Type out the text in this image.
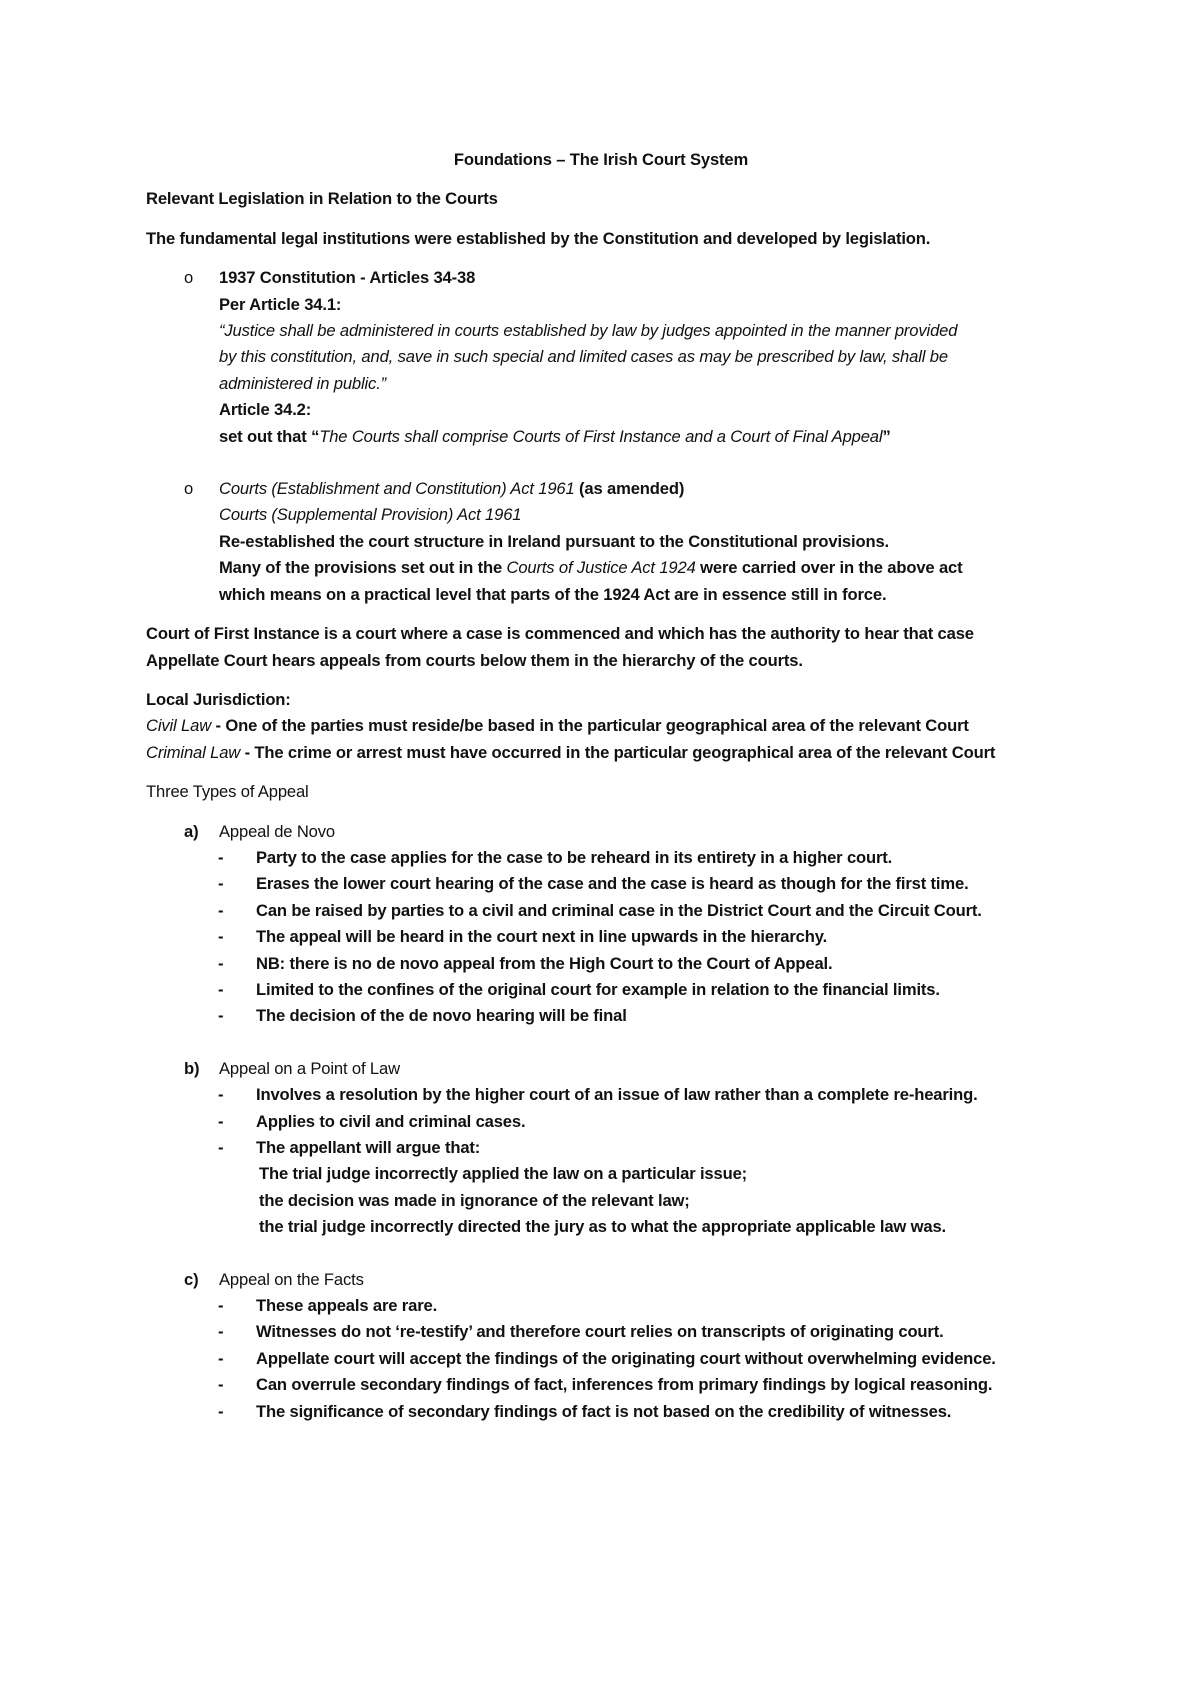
Foundations – The Irish Court System

Relevant Legislation in Relation to the Courts

The fundamental legal institutions were established by the Constitution and developed by legislation.

o 1937 Constitution - Articles 34-38

Per Article 34.1:

“Justice shall be administered in courts established by law by judges appointed in the manner provided

by this constitution, and, save in such special and limited cases as may be prescribed by law, shall be

administered in public.”

Article 34.2:

set out that “The Courts shall comprise Courts of First Instance and a Court of Final Appeal”

o Courts (Establishment and Constitution) Act 1961 (as amended)

Courts (Supplemental Provision) Act 1961

Re-established the court structure in Ireland pursuant to the Constitutional provisions.

Many of the provisions set out in the Courts of Justice Act 1924 were carried over in the above act

which means on a practical level that parts of the 1924 Act are in essence still in force.

Court of First Instance is a court where a case is commenced and which has the authority to hear that case

Appellate Court hears appeals from courts below them in the hierarchy of the courts.

Local Jurisdiction:

Civil Law - One of the parties must reside/be based in the particular geographical area of the relevant Court

Criminal Law - The crime or arrest must have occurred in the particular geographical area of the relevant Court

Three Types of Appeal

a) Appeal de Novo

- Party to the case applies for the case to be reheard in its entirety in a higher court.
- Erases the lower court hearing of the case and the case is heard as though for the first time.
- Can be raised by parties to a civil and criminal case in the District Court and the Circuit Court.
- The appeal will be heard in the court next in line upwards in the hierarchy.
- NB: there is no de novo appeal from the High Court to the Court of Appeal.
- Limited to the confines of the original court for example in relation to the financial limits.
- The decision of the de novo hearing will be final
b) Appeal on a Point of Law

- Involves a resolution by the higher court of an issue of law rather than a complete re-hearing.
- Applies to civil and criminal cases.
- The appellant will argue that:

The trial judge incorrectly applied the law on a particular issue;

the decision was made in ignorance of the relevant law;

the trial judge incorrectly directed the jury as to what the appropriate applicable law was.

c) Appeal on the Facts

- These appeals are rare.
- Witnesses do not ‘re-testify’ and therefore court relies on transcripts of originating court.
- Appellate court will accept the findings of the originating court without overwhelming evidence.
- Can overrule secondary findings of fact, inferences from primary findings by logical reasoning.
- The significance of secondary findings of fact is not based on the credibility of witnesses.
